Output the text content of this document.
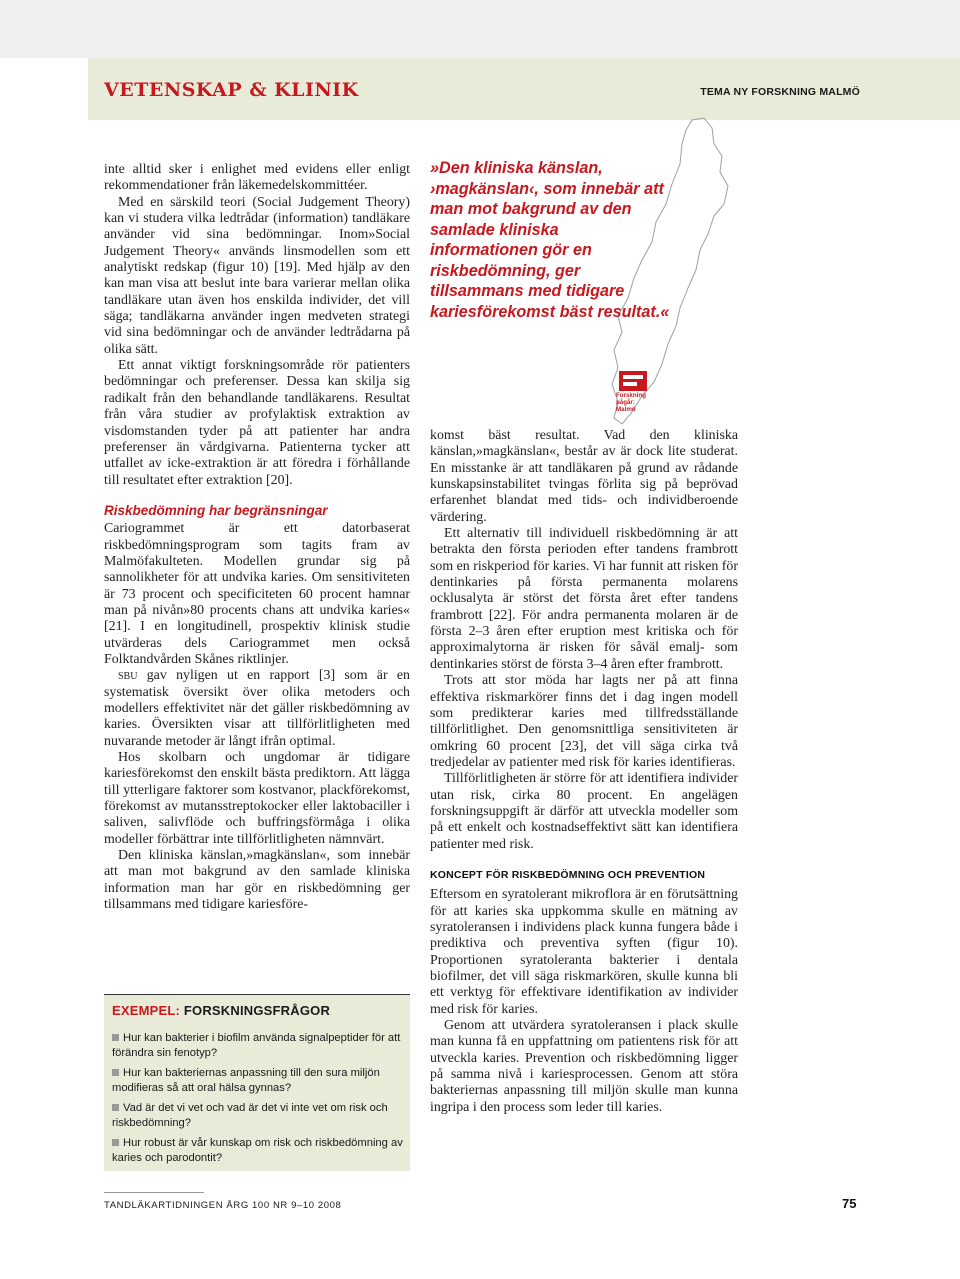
VETENSKAP & KLINIK	TEMA NY FORSKNING MALMÖ

inte alltid sker i enlighet med evidens eller enligt rekommendationer från läkemedelskommittéer.

Med en särskild teori (Social Judgement Theory) kan vi studera vilka ledtrådar (information) tandläkare använder vid sina bedömningar. Inom»Social Judgement Theory« används linsmodellen som ett analytiskt redskap (figur 10) [19]. Med hjälp av den kan man visa att beslut inte bara varierar mellan olika tandläkare utan även hos enskilda individer, det vill säga; tandläkarna använder ingen medveten strategi vid sina bedömningar och de använder ledtrådarna på olika sätt.

Ett annat viktigt forskningsområde rör patienters bedömningar och preferenser. Dessa kan skilja sig radikalt från den behandlande tandläkarens. Resultat från våra studier av profylaktisk extraktion av visdomstanden tyder på att patienter har andra preferenser än vårdgivarna. Patienterna tycker att utfallet av icke-extraktion är att föredra i förhållande till resultatet efter extraktion [20].

Riskbedömning har begränsningar

Cariogrammet är ett datorbaserat riskbedömningsprogram som tagits fram av Malmöfakulteten. Modellen grundar sig på sannolikheter för att undvika karies. Om sensitiviteten är 73 procent och specificiteten 60 procent hamnar man på nivån»80 procents chans att undvika karies« [21]. I en longitudinell, prospektiv klinisk studie utvärderas dels Cariogrammet men också Folktandvården Skånes riktlinjer.

sbu gav nyligen ut en rapport [3] som är en systematisk översikt över olika metoders och modellers effektivitet när det gäller riskbedömning av karies. Översikten visar att tillförlitligheten med nuvarande metoder är långt ifrån optimal.

Hos skolbarn och ungdomar är tidigare kariesförekomst den enskilt bästa prediktorn. Att lägga till ytterligare faktorer som kostvanor, plackförekomst, förekomst av mutansstreptokocker eller laktobaciller i saliven, salivflöde och buffringsförmåga i olika modeller förbättrar inte tillförlitligheten nämnvärt.

Den kliniska känslan,»magkänslan«, som innebär att man mot bakgrund av den samlade kliniska information man har gör en riskbedömning ger tillsammans med tidigare kariesföre-

Forskning
pågår:
Malmö

»Den kliniska känslan, ›magkänslan‹, som innebär att man mot bakgrund av den samlade kliniska informationen gör en riskbedömning, ger tillsammans med tidigare kariesförekomst bäst resultat.«

komst bäst resultat. Vad den kliniska känslan,»magkänslan«, består av är dock lite studerat. En misstanke är att tandläkaren på grund av rådande kunskapsinstabilitet tvingas förlita sig på beprövad erfarenhet blandat med tids- och individberoende värdering.

Ett alternativ till individuell riskbedömning är att betrakta den första perioden efter tandens frambrott som en riskperiod för karies. Vi har funnit att risken för dentinkaries på första permanenta molarens ocklusalyta är störst det första året efter tandens frambrott [22]. För andra permanenta molaren är de första 2–3 åren efter eruption mest kritiska och för approximalytorna är risken för såväl emalj- som dentinkaries störst de första 3–4 åren efter frambrott.

Trots att stor möda har lagts ner på att finna effektiva riskmarkörer finns det i dag ingen modell som predikterar karies med tillfredsställande tillförlitlighet. Den genomsnittliga sensitiviteten är omkring 60 procent [23], det vill säga cirka två tredjedelar av patienter med risk för karies identifieras.

Tillförlitligheten är större för att identifiera individer utan risk, cirka 80 procent. En angelägen forskningsuppgift är därför att utveckla modeller som på ett enkelt och kostnadseffektivt sätt kan identifiera patienter med risk.

KONCEPT FÖR RISKBEDÖMNING OCH PREVENTION

Eftersom en syratolerant mikroflora är en förutsättning för att karies ska uppkomma skulle en mätning av syratoleransen i individens plack kunna fungera både i prediktiva och preventiva syften (figur 10). Proportionen syratoleranta bakterier i dentala biofilmer, det vill säga riskmarkören, skulle kunna bli ett verktyg för effektivare identifikation av individer med risk för karies.

Genom att utvärdera syratoleransen i plack skulle man kunna få en uppfattning om patientens risk för att utveckla karies. Prevention och riskbedömning ligger på samma nivå i kariesprocessen. Genom att störa bakteriernas anpassning till miljön skulle man kunna ingripa i den process som leder till karies.

EXEMPEL: FORSKNINGSFRÅGOR
Hur kan bakterier i biofilm använda signalpeptider för att förändra sin fenotyp?
Hur kan bakteriernas anpassning till den sura miljön modifieras så att oral hälsa gynnas?
Vad är det vi vet och vad är det vi inte vet om risk och riskbedömning?
Hur robust är vår kunskap om risk och riskbedömning av karies och parodontit?
TANDLÄKARTIDNINGEN ÅRG 100 NR 9–10 2008	75
